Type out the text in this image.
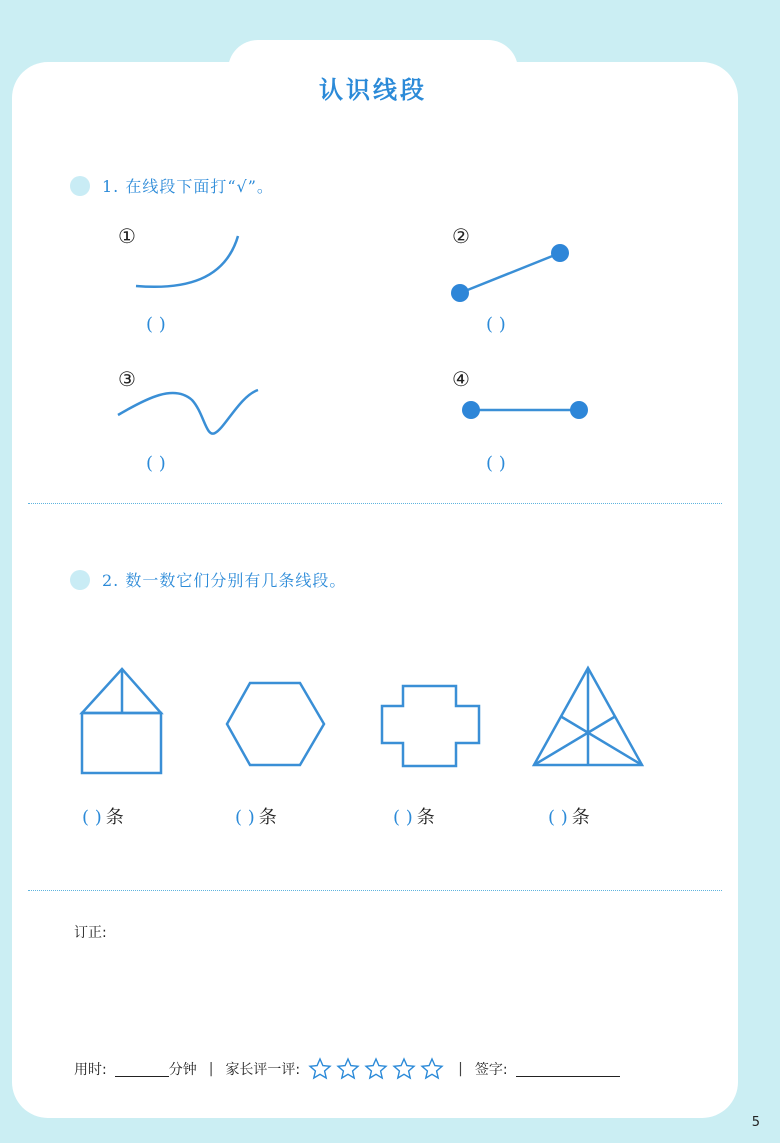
认识线段
1. 在线段下面打“√”。
①	②
③	④
( )	( )
( )	( )
2. 数一数它们分别有几条线段。
( ) 条	( ) 条	( ) 条	( ) 条
订正:
用时:	分钟 | 家长评一评:	| 签字:
5
